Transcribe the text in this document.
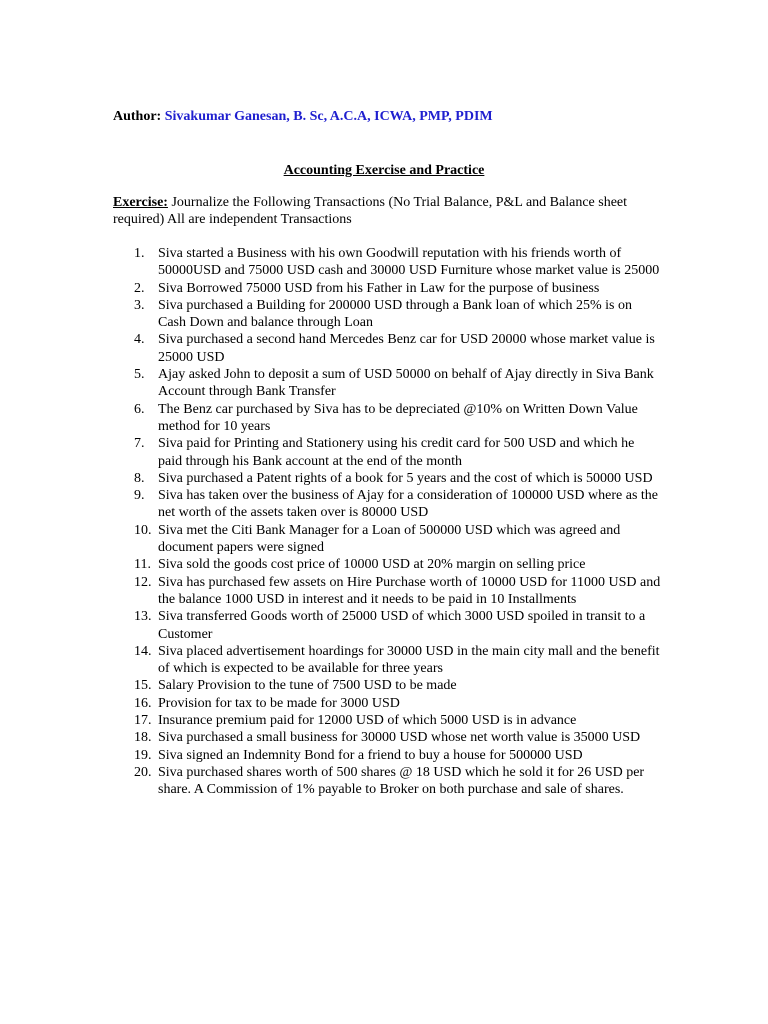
Author: Sivakumar Ganesan, B. Sc, A.C.A, ICWA, PMP, PDIM
Accounting Exercise and Practice
Exercise: Journalize the Following Transactions (No Trial Balance, P&L and Balance sheet required) All are independent Transactions
1. Siva started a Business with his own Goodwill reputation with his friends worth of 50000USD and 75000 USD cash and 30000 USD Furniture whose market value is 25000
2. Siva Borrowed 75000 USD from his Father in Law for the purpose of business
3. Siva purchased a Building for 200000 USD through a Bank loan of which 25% is on Cash Down and balance through Loan
4. Siva purchased a second hand Mercedes Benz car for USD 20000 whose market value is 25000 USD
5. Ajay asked John to deposit a sum of USD 50000 on behalf of Ajay directly in Siva Bank Account through Bank Transfer
6. The Benz car purchased by Siva has to be depreciated @10% on Written Down Value method for 10 years
7. Siva paid for Printing and Stationery using his credit card for 500 USD and which he paid through his Bank account at the end of the month
8. Siva purchased a Patent rights of a book for 5 years and the cost of which is 50000 USD
9. Siva has taken over the business of Ajay for a consideration of 100000 USD where as the net worth of the assets taken over is 80000 USD
10. Siva met the Citi Bank Manager for a Loan of 500000 USD which was agreed and document papers were signed
11. Siva sold the goods cost price of 10000 USD at 20% margin on selling price
12. Siva has purchased few assets on Hire Purchase worth of 10000 USD for 11000 USD and the balance 1000 USD in interest and it needs to be paid in 10 Installments
13. Siva transferred Goods worth of 25000 USD of which 3000 USD spoiled in transit to a Customer
14. Siva placed advertisement hoardings for 30000 USD in the main city mall and the benefit of which is expected to be available for three years
15. Salary Provision to the tune of 7500 USD to be made
16. Provision for tax to be made for 3000 USD
17. Insurance premium paid for 12000 USD of which 5000 USD is in advance
18. Siva purchased a small business for 30000 USD whose net worth value is 35000 USD
19. Siva signed an Indemnity Bond for a friend to buy a house for 500000 USD
20. Siva purchased shares worth of 500 shares @ 18 USD which he sold it for 26 USD per share. A Commission of 1% payable to Broker on both purchase and sale of shares.
